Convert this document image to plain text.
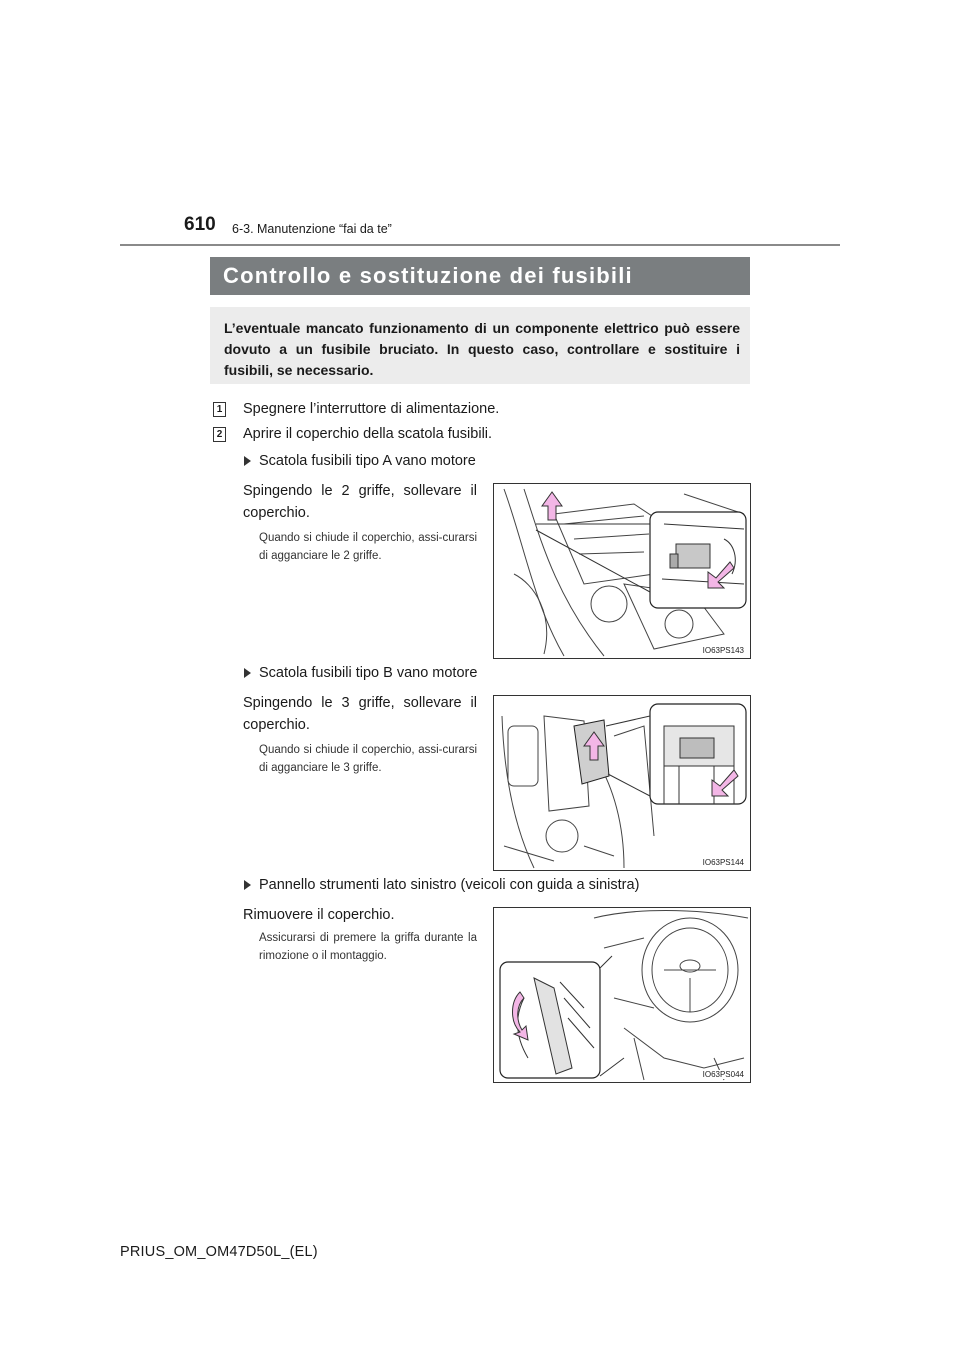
610 6-3. Manutenzione “fai da te”
Controllo e sostituzione dei fusibili

L’eventuale mancato funzionamento di un componente elettrico può essere dovuto a un fusibile bruciato. In questo caso, controllare e sostituire i fusibili, se necessario.

1 Spegnere l’interruttore di alimentazione.
2 Aprire il coperchio della scatola fusibili.
Scatola fusibili tipo A vano motore
Spingendo le 2 griffe, sollevare il coperchio.
Quando si chiude il coperchio, assi-curarsi di agganciare le 2 griffe.
IO63PS143
Scatola fusibili tipo B vano motore
Spingendo le 3 griffe, sollevare il coperchio.
Quando si chiude il coperchio, assi-curarsi di agganciare le 3 griffe.
IO63PS144
Pannello strumenti lato sinistro (veicoli con guida a sinistra)
Rimuovere il coperchio.
Assicurarsi di premere la griffa durante la rimozione o il montaggio.
IO63PS044
PRIUS_OM_OM47D50L_(EL)
